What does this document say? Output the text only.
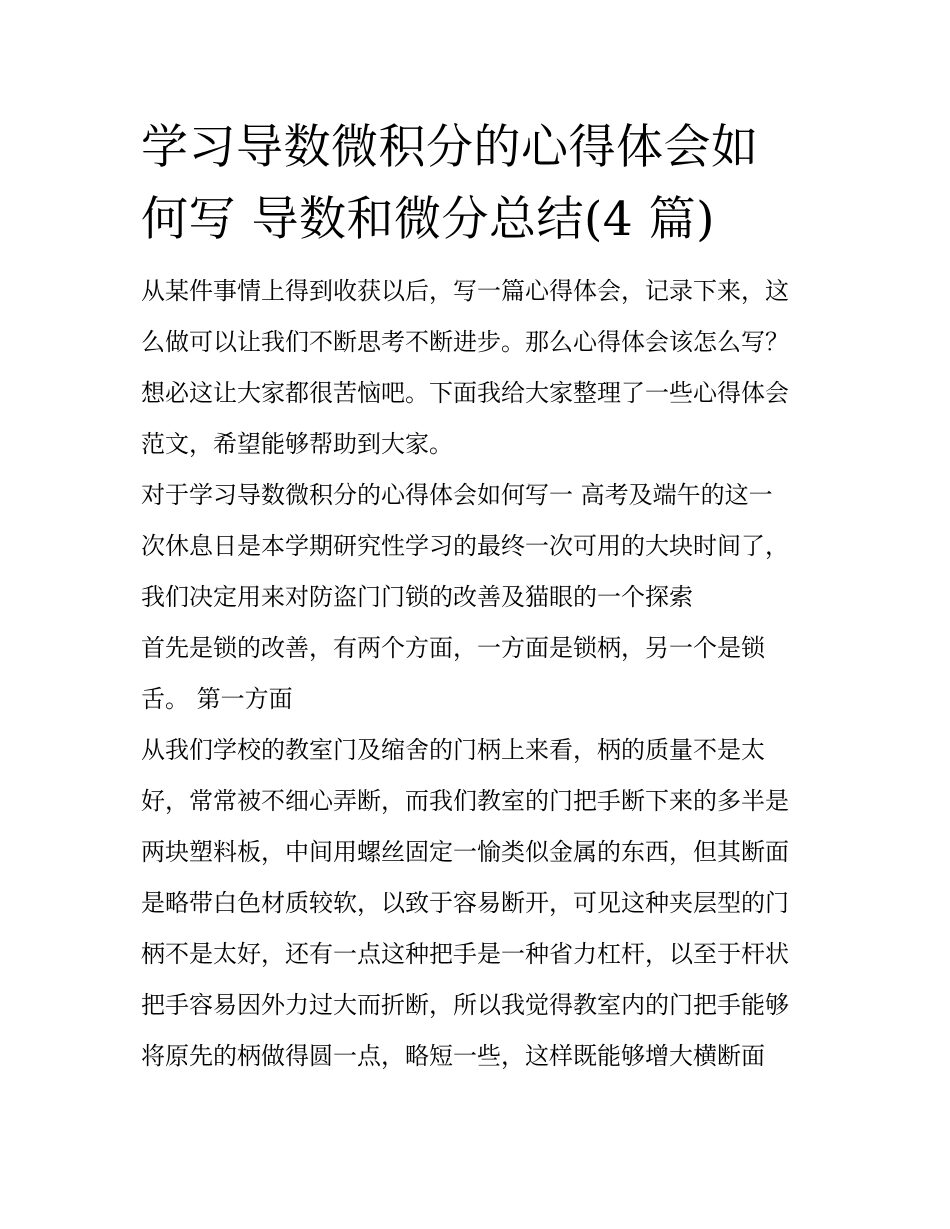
学习导数微积分的心得体会如
何写 导数和微分总结(4 篇)

从某件事情上得到收获以后，写一篇心得体会，记录下来，这
么做可以让我们不断思考不断进步。那么心得体会该怎么写？
想必这让大家都很苦恼吧。下面我给大家整理了一些心得体会
范文，希望能够帮助到大家。

对于学习导数微积分的心得体会如何写一 高考及端午的这一
次休息日是本学期研究性学习的最终一次可用的大块时间了，
我们决定用来对防盗门门锁的改善及猫眼的一个探索

首先是锁的改善，有两个方面，一方面是锁柄，另一个是锁
舌。 第一方面

从我们学校的教室门及缩舍的门柄上来看，柄的质量不是太
好，常常被不细心弄断，而我们教室的门把手断下来的多半是
两块塑料板，中间用螺丝固定一愉类似金属的东西，但其断面
是略带白色材质较软，以致于容易断开，可见这种夹层型的门
柄不是太好，还有一点这种把手是一种省力杠杆，以至于杆状
把手容易因外力过大而折断，所以我觉得教室内的门把手能够
将原先的柄做得圆一点，略短一些，这样既能够增大横断面
